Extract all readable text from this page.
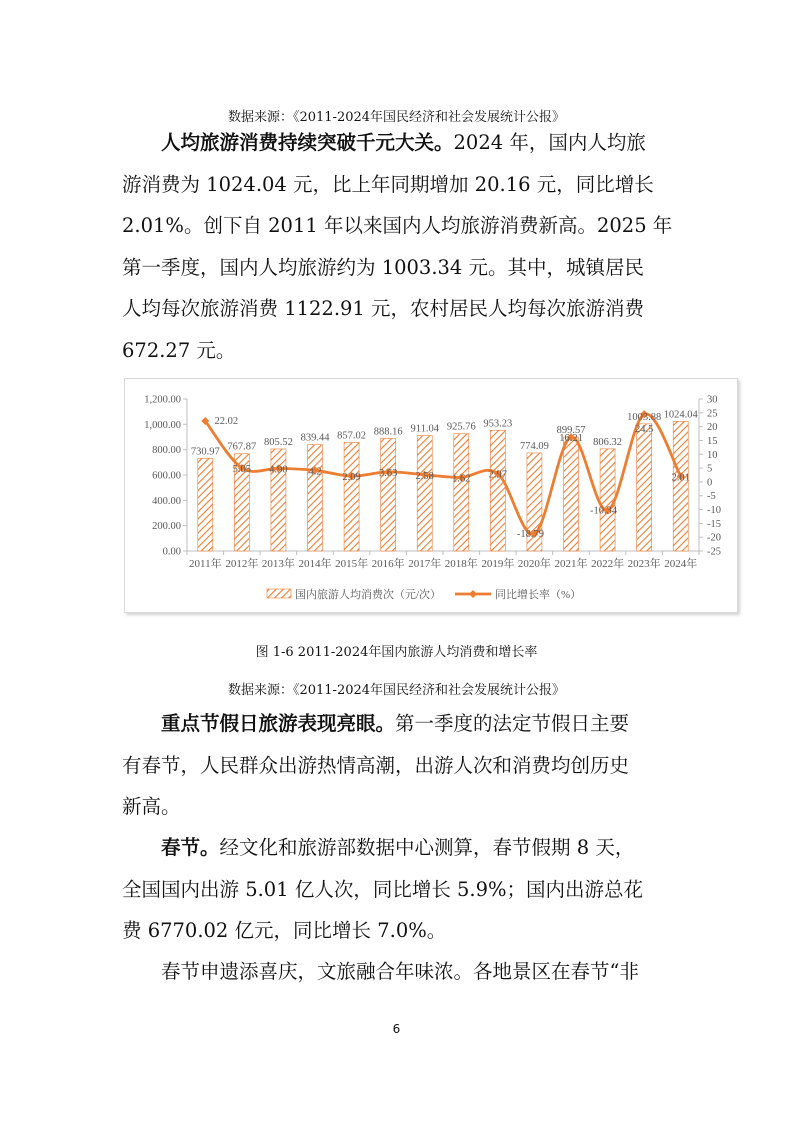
数据来源：《2011-2024年国民经济和社会发展统计公报》
人均旅游消费持续突破千元大关。2024 年，国内人均旅
游消费为 1024.04 元，比上年同期增加 20.16 元，同比增长
2.01%。创下自 2011 年以来国内人均旅游消费新高。2025 年
第一季度，国内人均旅游约为 1003.34 元。其中，城镇居民
人均每次旅游消费 1122.91 元，农村居民人均每次旅游消费
672.27 元。
0.00
200.00
400.00
600.00
800.00
1,000.00
1,200.00
-25
-20
-15
-10
-5
0
5
10
15
20
25
30
2011年 2012年 2013年 2014年 2015年 2016年 2017年 2018年 2019年 2020年 2021年 2022年 2023年 2024年
730.97 767.87 805.52 839.44 857.02 888.16 911.04 925.76 953.23
774.09
899.57
806.32
1003.88 1024.04
22.02
5.05 4.90 4.2
2.09 3.63 2.58 1.62 2.97
-18.79
16.21
-10.34
24.5
2.01
国内旅游人均消费次（元/次）	同比增长率（%）
图 1-6 2011-2024年国内旅游人均消费和增长率
数据来源：《2011-2024年国民经济和社会发展统计公报》
重点节假日旅游表现亮眼。第一季度的法定节假日主要
有春节，人民群众出游热情高潮，出游人次和消费均创历史
新高。
春节。经文化和旅游部数据中心测算，春节假期 8 天，
全国国内出游 5.01 亿人次，同比增长 5.9%；国内出游总花
费 6770.02 亿元，同比增长 7.0%。
春节申遗添喜庆，文旅融合年味浓。各地景区在春节“非
6
